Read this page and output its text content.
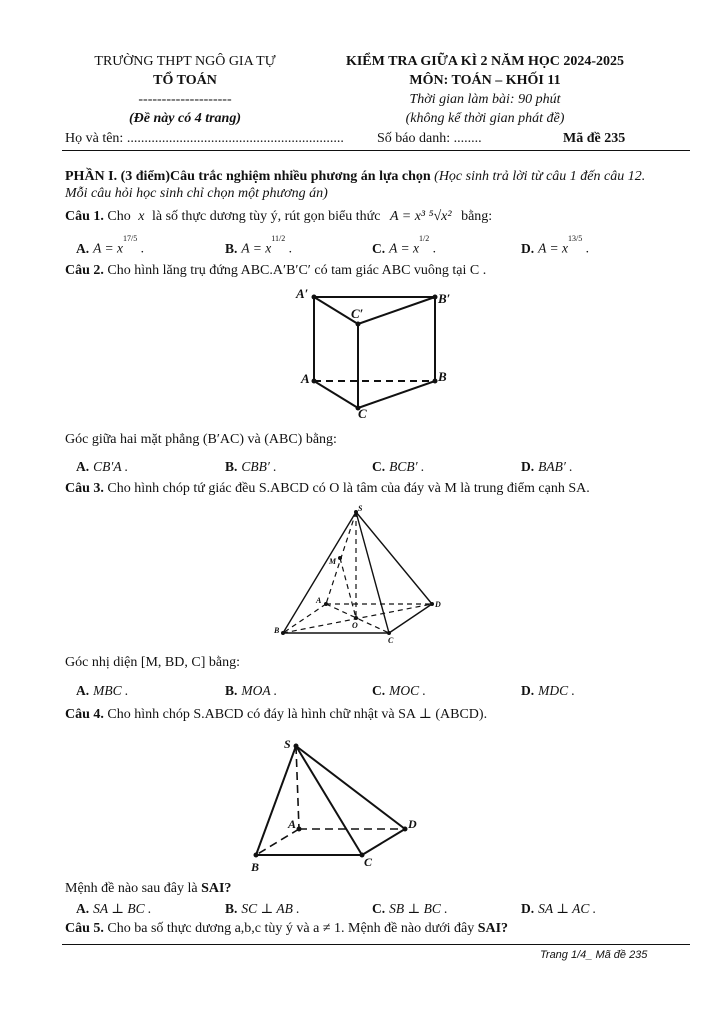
TRƯỜNG THPT NGÔ GIA TỰ
TỔ TOÁN
--------------------
(Đề này có 4 trang)
KIỂM TRA GIỮA KÌ 2 NĂM HỌC 2024-2025
MÔN: TOÁN – KHỐI 11
Thời gian làm bài: 90 phút
(không kể thời gian phát đề)
Họ và tên: .............................................................. Số báo danh: ........	Mã đề 235
PHẦN I. (3 điểm)Câu trắc nghiệm nhiều phương án lựa chọn (Học sinh trả lời từ câu 1 đến câu 12. Mỗi câu hỏi học sinh chỉ chọn một phương án)
Câu 1. Cho x là số thực dương tùy ý, rút gọn biểu thức A = x³ ⁵√x² bằng:
A. $A = x^{17/5}$ .	B. $A = x^{11/2}$ .	C. $A = x^{1/2}$ .	D. $A = x^{13/5}$ .
Câu 2. Cho hình lăng trụ đứng ABC.A′B′C′ có tam giác ABC vuông tại C .
A′	B′
C′
A	B
C
Góc giữa hai mặt phẳng (B′AC) và (ABC) bằng:
A. CB′A .	B. CBB′ .	C. BCB′ .	D. BAB′ .
Câu 3. Cho hình chóp tứ giác đều S.ABCD có O là tâm của đáy và M là trung điểm cạnh SA.
S
M
A
B
C
D
O
Góc nhị diện [M, BD, C] bằng:
A. MBC .	B. MOA .	C. MOC .	D. MDC .
Câu 4. Cho hình chóp S.ABCD có đáy là hình chữ nhật và SA ⊥ (ABCD).
S
A
B	C
D
Mệnh đề nào sau đây là SAI?
A. SA ⊥ BC .	B. SC ⊥ AB .	C. SB ⊥ BC .	D. SA ⊥ AC .
Câu 5. Cho ba số thực dương a,b,c tùy ý và a ≠ 1. Mệnh đề nào dưới đây SAI?
Trang 1/4_ Mã đề 235
